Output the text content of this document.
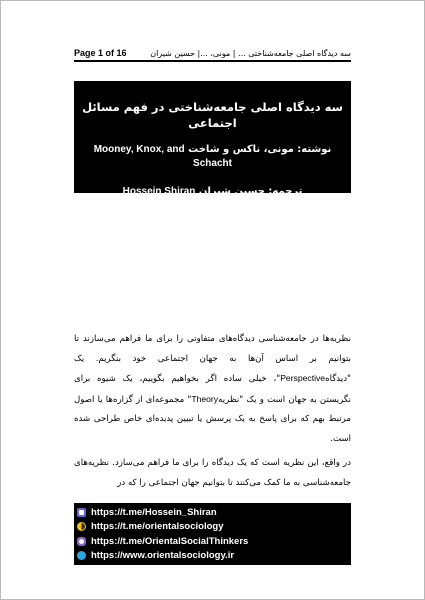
Page 1 of 16	سه دیدگاه اصلی جامعه‌شناختی ... | مونی، ...| حسین شیران
سه دیدگاه اصلی جامعه‌شناختی در فهم مسائل اجتماعی
نوشته: مونی، ناکس و شاخت Mooney, Knox, and Schacht
ترجمه: حسین شیران Hossein Shiran

نظریه‌ها در جامعه‌شناسی دیدگاه‌های متفاوتی را برای ما فراهم می‌سازند تا بتوانیم بر اساس آن‌ها به جهان اجتماعی خود بنگریم. یک "دیدگاهPerspective"، خیلی ساده اگر بخواهیم بگوییم، یک شیوه برای نگریستن به جهان است و یک "نظریهTheory" مجموعه‌ای از گزاره‌ها یا اصول مرتبط بهم که برای پاسخ به یک پرسش یا تبیین پدیده‌ای خاص طراحی شده است.

در واقع، این نظریه است که یک دیدگاه را برای ما فراهم می‌سازد. نظریه‌های جامعه‌شناسی به ما کمک می‌کنند تا بتوانیم جهان اجتماعی را که در

https://t.me/Hossein_Shiran
https://t.me/orientalsociology
https://t.me/OrientalSocialThinkers
https://www.orientalsociology.ir
